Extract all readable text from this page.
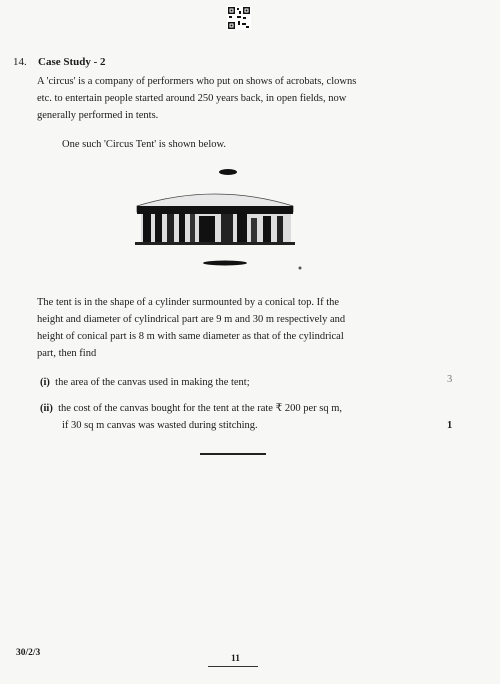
14. Case Study - 2
A 'circus' is a company of performers who put on shows of acrobats, clowns
etc. to entertain people started around 250 years back, in open fields, now
generally performed in tents.
One such 'Circus Tent' is shown below.
The tent is in the shape of a cylinder surmounted by a conical top. If the
height and diameter of cylindrical part are 9 m and 30 m respectively and
height of conical part is 8 m with same diameter as that of the cylindrical
part, then find
(i) the area of the canvas used in making the tent;	3
(ii) the cost of the canvas bought for the tent at the rate ₹ 200 per sq m,
if 30 sq m canvas was wasted during stitching.	1
30/2/3
11
